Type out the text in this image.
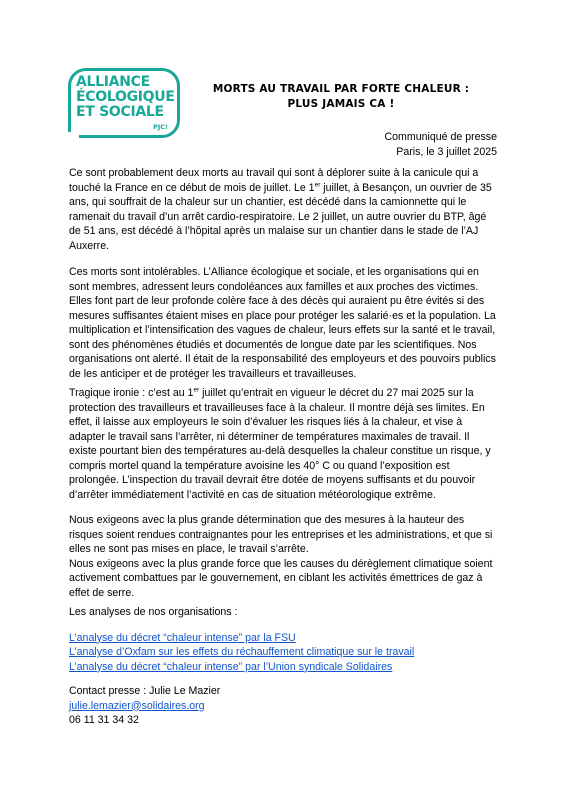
ALLIANCE
ÉCOLOGIQUE
ET SOCIALE
PJC!
MORTS AU TRAVAIL PAR FORTE CHALEUR :
PLUS JAMAIS CA !
Communiqué de presse
Paris, le 3 juillet 2025

Ce sont probablement deux morts au travail qui sont à déplorer suite à la canicule qui a touché la France en ce début de mois de juillet. Le 1er juillet, à Besançon, un ouvrier de 35 ans, qui souffrait de la chaleur sur un chantier, est décédé dans la camionnette qui le ramenait du travail d’un arrêt cardio-respiratoire. Le 2 juillet, un autre ouvrier du BTP, âgé de 51 ans, est décédé à l’hôpital après un malaise sur un chantier dans le stade de l’AJ Auxerre.

Ces morts sont intolérables. L’Alliance écologique et sociale, et les organisations qui en sont membres, adressent leurs condoléances aux familles et aux proches des victimes. Elles font part de leur profonde colère face à des décès qui auraient pu être évités si des mesures suffisantes étaient mises en place pour protéger les salarié·es et la population. La multiplication et l’intensification des vagues de chaleur, leurs effets sur la santé et le travail, sont des phénomènes étudiés et documentés de longue date par les scientifiques. Nos organisations ont alerté. Il était de la responsabilité des employeurs et des pouvoirs publics de les anticiper et de protéger les travailleurs et travailleuses.

Tragique ironie : c’est au 1er juillet qu’entrait en vigueur le décret du 27 mai 2025 sur la protection des travailleurs et travailleuses face à la chaleur. Il montre déjà ses limites. En effet, il laisse aux employeurs le soin d’évaluer les risques liés à la chaleur, et vise à adapter le travail sans l’arrêter, ni déterminer de températures maximales de travail. Il existe pourtant bien des températures au-delà desquelles la chaleur constitue un risque, y compris mortel quand la température avoisine les 40° C ou quand l’exposition est prolongée. L’inspection du travail devrait être dotée de moyens suffisants et du pouvoir d’arrêter immédiatement l’activité en cas de situation météorologique extrême.

Nous exigeons avec la plus grande détermination que des mesures à la hauteur des risques soient rendues contraignantes pour les entreprises et les administrations, et que si elles ne sont pas mises en place, le travail s’arrête.

Nous exigeons avec la plus grande force que les causes du dérèglement climatique soient activement combattues par le gouvernement, en ciblant les activités émettrices de gaz à effet de serre.

Les analyses de nos organisations :

L’analyse du décret “chaleur intense” par la FSU

L’analyse d’Oxfam sur les effets du réchauffement climatique sur le travail

L’analyse du décret “chaleur intense” par l’Union syndicale Solidaires

Contact presse : Julie Le Mazier

julie.lemazier@solidaires.org

06 11 31 34 32
